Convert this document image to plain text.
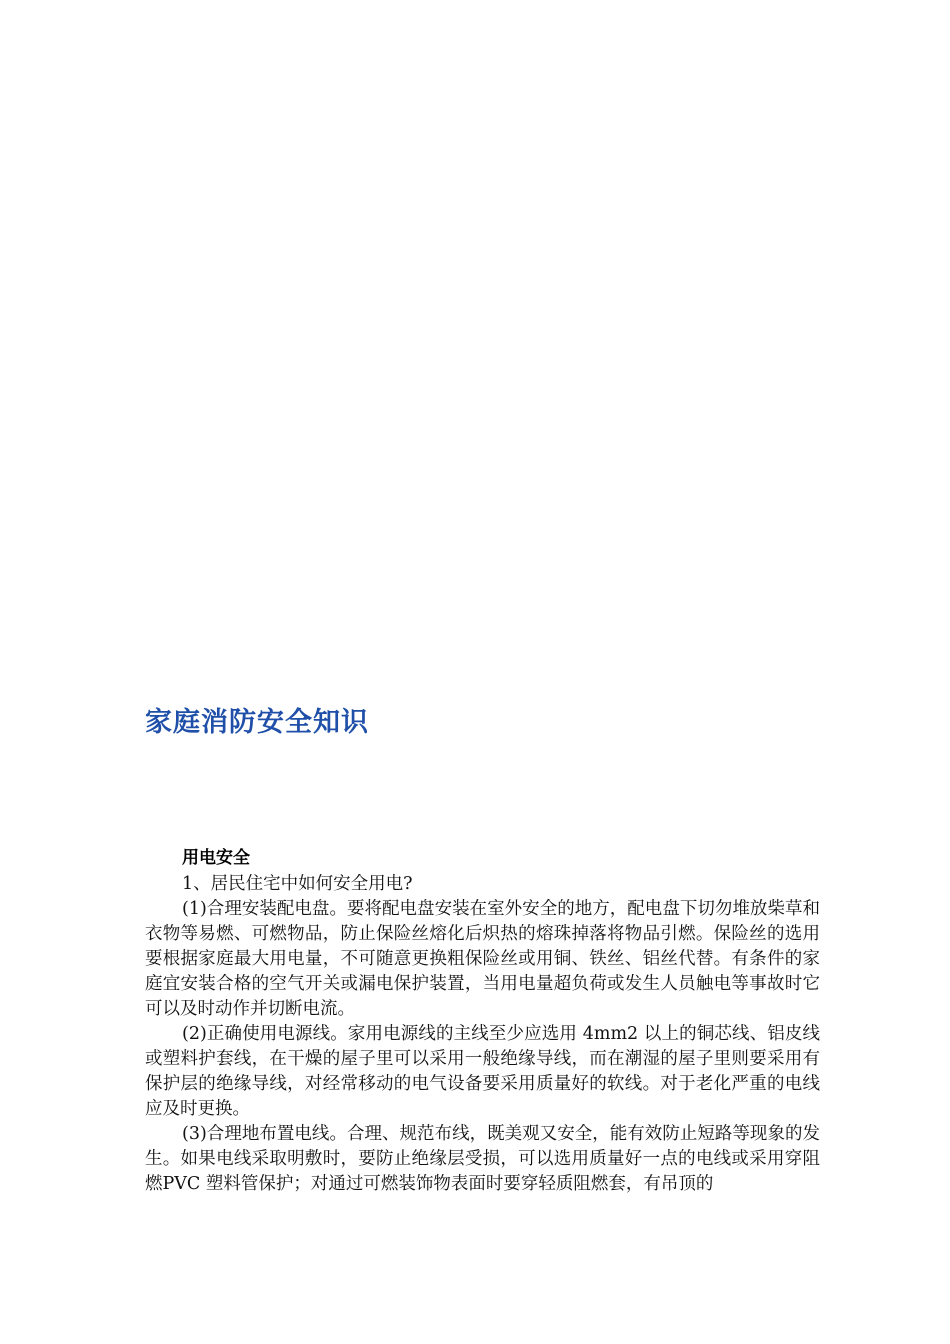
家庭消防安全知识

用电安全

1、居民住宅中如何安全用电?

(1)合理安装配电盘。要将配电盘安装在室外安全的地方，配电盘下切勿堆放柴草和衣物等易燃、可燃物品，防止保险丝熔化后炽热的熔珠掉落将物品引燃。保险丝的选用要根据家庭最大用电量，不可随意更换粗保险丝或用铜、铁丝、铝丝代替。有条件的家庭宜安装合格的空气开关或漏电保护装置，当用电量超负荷或发生人员触电等事故时它可以及时动作并切断电流。

(2)正确使用电源线。家用电源线的主线至少应选用 4mm2 以上的铜芯线、铝皮线或塑料护套线，在干燥的屋子里可以采用一般绝缘导线，而在潮湿的屋子里则要采用有保护层的绝缘导线，对经常移动的电气设备要采用质量好的软线。对于老化严重的电线应及时更换。

(3)合理地布置电线。合理、规范布线，既美观又安全，能有效防止短路等现象的发生。如果电线采取明敷时，要防止绝缘层受损，可以选用质量好一点的电线或采用穿阻燃PVC 塑料管保护；对通过可燃装饰物表面时要穿轻质阻燃套，有吊顶的
